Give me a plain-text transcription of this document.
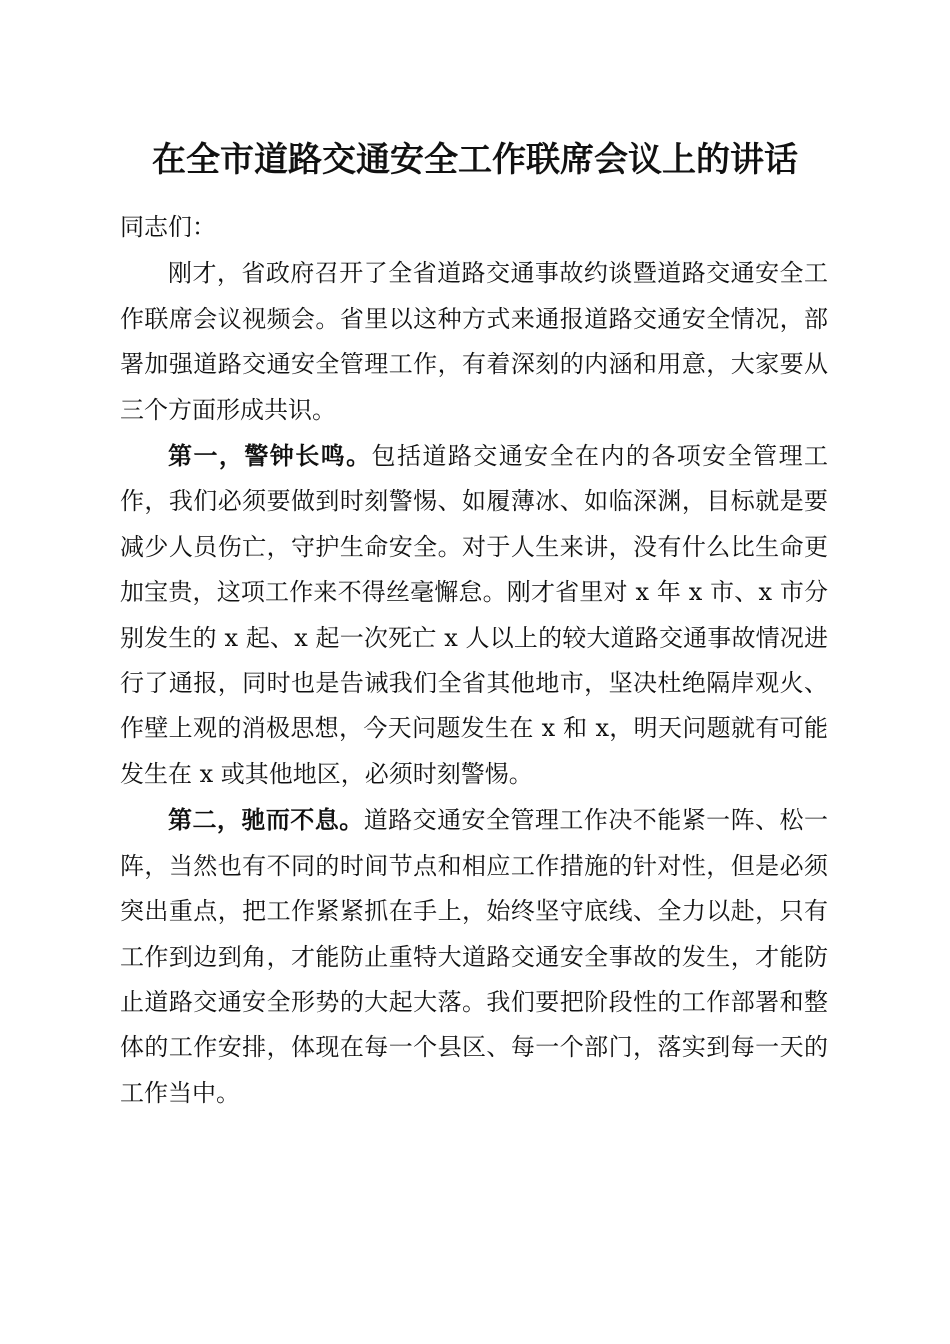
在全市道路交通安全工作联席会议上的讲话

同志们：

刚才，省政府召开了全省道路交通事故约谈暨道路交通安全工作联席会议视频会。省里以这种方式来通报道路交通安全情况，部署加强道路交通安全管理工作，有着深刻的内涵和用意，大家要从三个方面形成共识。

第一，警钟长鸣。包括道路交通安全在内的各项安全管理工作，我们必须要做到时刻警惕、如履薄冰、如临深渊，目标就是要减少人员伤亡，守护生命安全。对于人生来讲，没有什么比生命更加宝贵，这项工作来不得丝毫懈怠。刚才省里对 x 年 x 市、x 市分别发生的 x 起、x 起一次死亡 x 人以上的较大道路交通事故情况进行了通报，同时也是告诫我们全省其他地市，坚决杜绝隔岸观火、作壁上观的消极思想，今天问题发生在 x 和 x，明天问题就有可能发生在 x 或其他地区，必须时刻警惕。

第二，驰而不息。道路交通安全管理工作决不能紧一阵、松一阵，当然也有不同的时间节点和相应工作措施的针对性，但是必须突出重点，把工作紧紧抓在手上，始终坚守底线、全力以赴，只有工作到边到角，才能防止重特大道路交通安全事故的发生，才能防止道路交通安全形势的大起大落。我们要把阶段性的工作部署和整体的工作安排，体现在每一个县区、每一个部门，落实到每一天的工作当中。
